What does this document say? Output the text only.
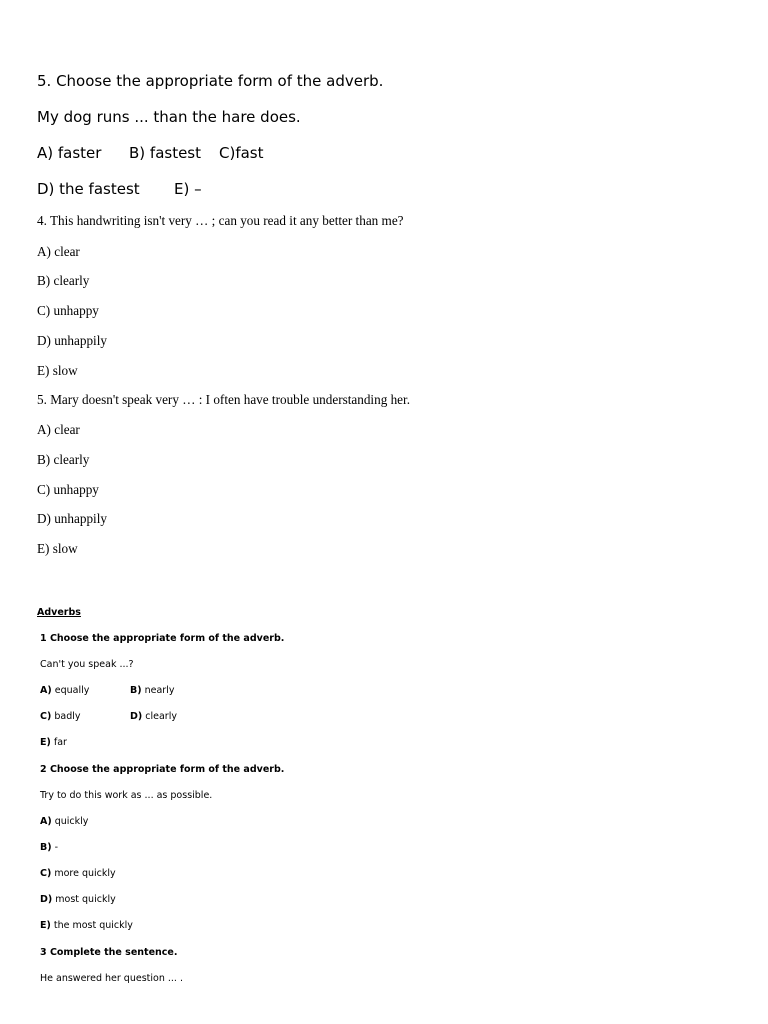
5. Choose the appropriate form of the adverb.
My dog runs ... than the hare does.
A) faster B) fastest C)fast
D) the fastest E) –
4. This handwriting isn't very … ; can you read it any better than me?
A) clear
B) clearly
C) unhappy
D) unhappily
E) slow
5. Mary doesn't speak very … : I often have trouble understanding her.
A) clear
B) clearly
C) unhappy
D) unhappily
E) slow
Adverbs
1 Choose the appropriate form of the adverb.
Can't you speak ...?
A) equally	B) nearly
C) badly	D) clearly
E) far
2 Choose the appropriate form of the adverb.
Try to do this work as ... as possible.
A) quickly
B) -
C) more quickly
D) most quickly
E) the most quickly
3 Complete the sentence.
He answered her question ... .
